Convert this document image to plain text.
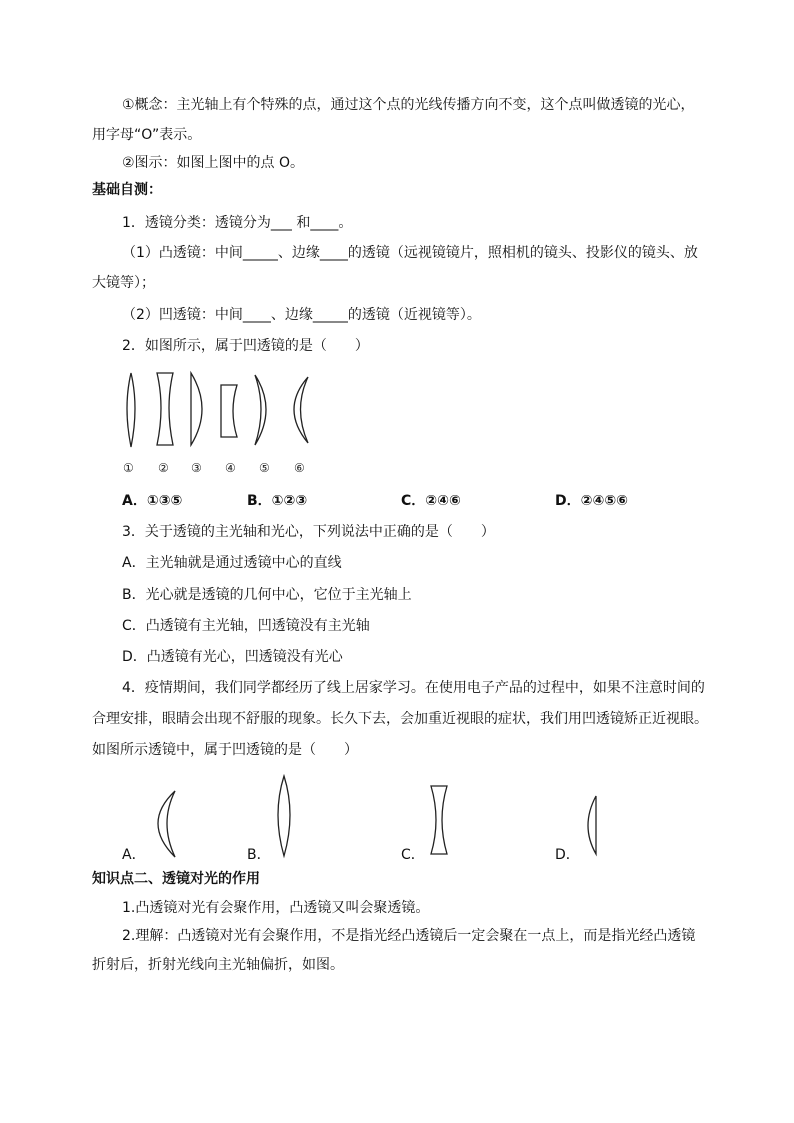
①概念：主光轴上有个特殊的点，通过这个点的光线传播方向不变，这个点叫做透镜的光心，
用字母“O”表示。
②图示：如图上图中的点 O。
基础自测：
1．透镜分类：透镜分为___ 和____。
（1）凸透镜：中间_____、边缘____的透镜（远视镜镜片，照相机的镜头、投影仪的镜头、放
大镜等）；
（2）凹透镜：中间____、边缘_____的透镜（近视镜等）。
2．如图所示，属于凹透镜的是（　　）
① ② ③ ④ ⑤ ⑥
A．①③⑤	B．①②③	C．②④⑥	D．②④⑤⑥
3．关于透镜的主光轴和光心，下列说法中正确的是（　　）
A．主光轴就是通过透镜中心的直线
B．光心就是透镜的几何中心，它位于主光轴上
C．凸透镜有主光轴，凹透镜没有主光轴
D．凸透镜有光心，凹透镜没有光心
4．疫情期间，我们同学都经历了线上居家学习。在使用电子产品的过程中，如果不注意时间的
合理安排，眼睛会出现不舒服的现象。长久下去，会加重近视眼的症状，我们用凹透镜矫正近视眼。
如图所示透镜中，属于凹透镜的是（　　）
A．	B．	C．	D．
知识点二、透镜对光的作用
1.凸透镜对光有会聚作用，凸透镜又叫会聚透镜。
2.理解：凸透镜对光有会聚作用，不是指光经凸透镜后一定会聚在一点上，而是指光经凸透镜
折射后，折射光线向主光轴偏折，如图。
